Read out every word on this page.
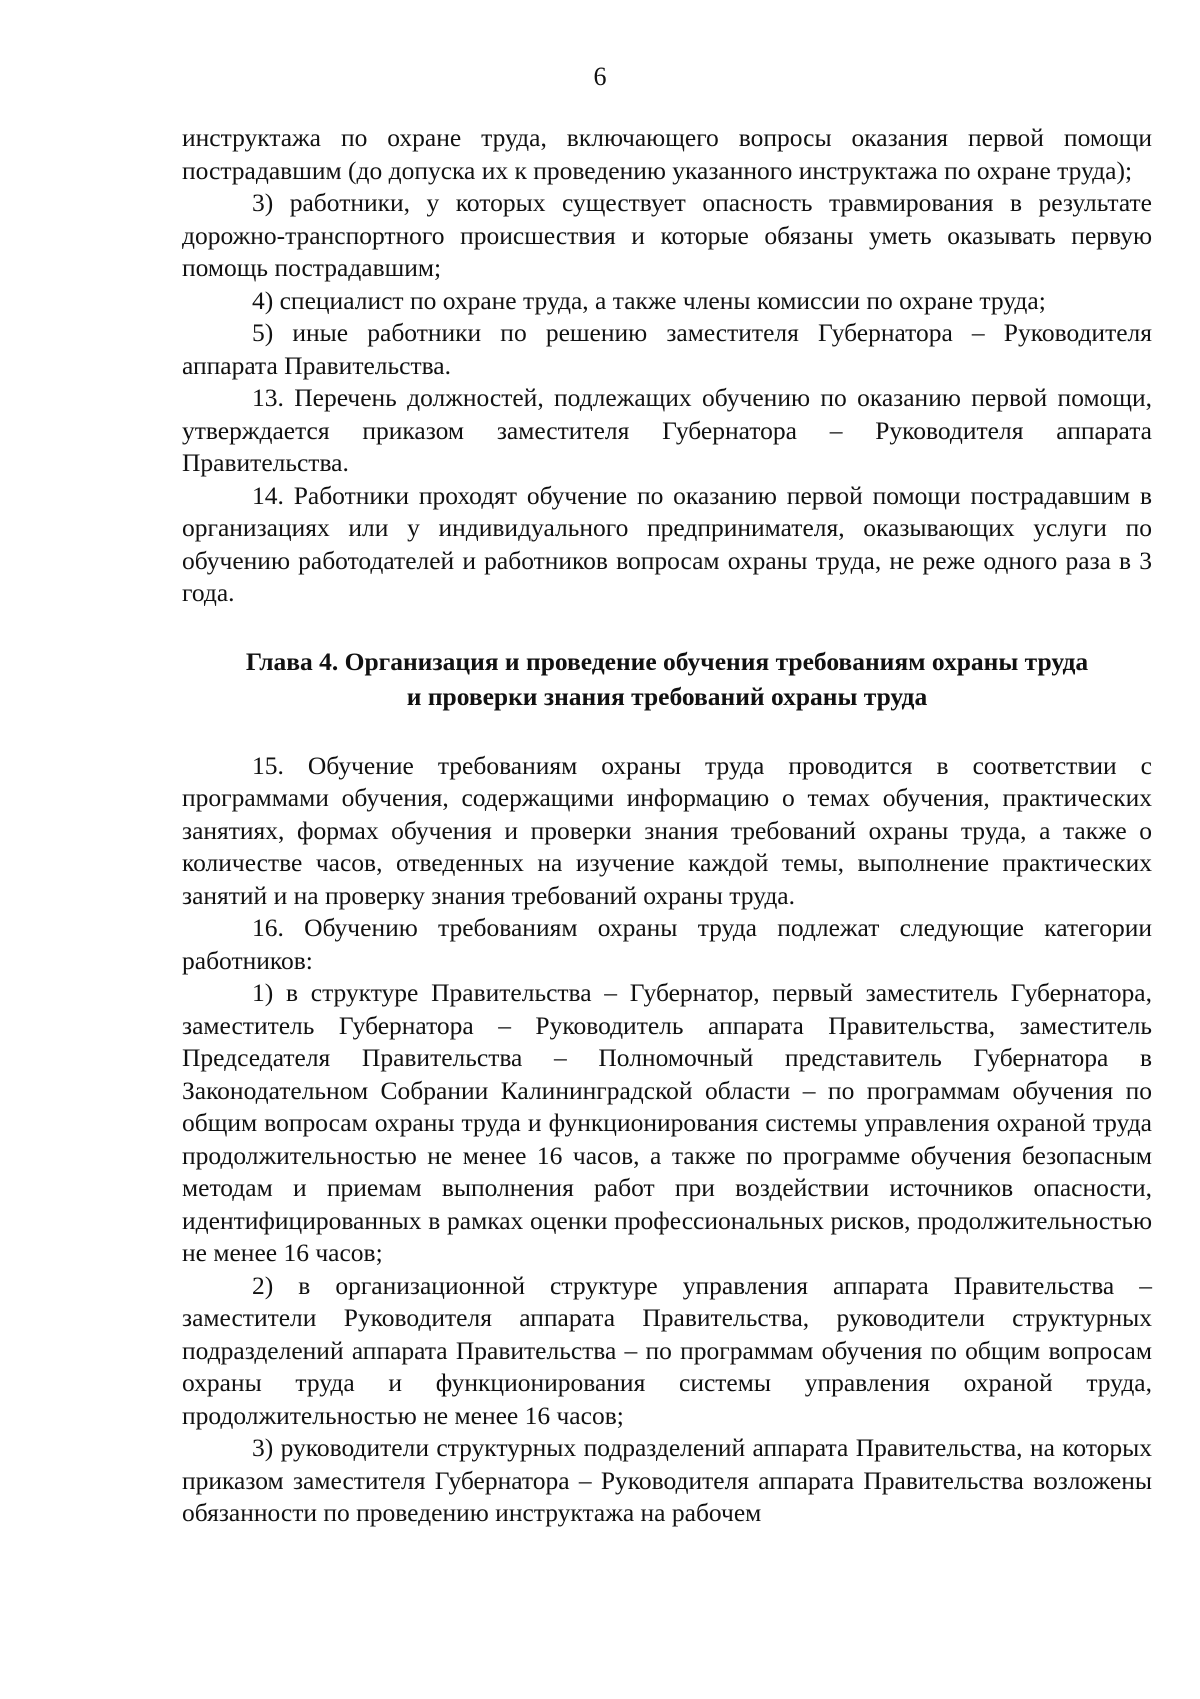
6

инструктажа по охране труда, включающего вопросы оказания первой помощи пострадавшим (до допуска их к проведению указанного инструктажа по охране труда);

3) работники, у которых существует опасность травмирования в результате дорожно-транспортного происшествия и которые обязаны уметь оказывать первую помощь пострадавшим;

4) специалист по охране труда, а также члены комиссии по охране труда;

5) иные работники по решению заместителя Губернатора – Руководителя аппарата Правительства.

13. Перечень должностей, подлежащих обучению по оказанию первой помощи, утверждается приказом заместителя Губернатора – Руководителя аппарата Правительства.

14. Работники проходят обучение по оказанию первой помощи пострадавшим в организациях или у индивидуального предпринимателя, оказывающих услуги по обучению работодателей и работников вопросам охраны труда, не реже одного раза в 3 года.

Глава 4. Организация и проведение обучения требованиям охраны труда
и проверки знания требований охраны труда

15. Обучение требованиям охраны труда проводится в соответствии с программами обучения, содержащими информацию о темах обучения, практических занятиях, формах обучения и проверки знания требований охраны труда, а также о количестве часов, отведенных на изучение каждой темы, выполнение практических занятий и на проверку знания требований охраны труда.

16. Обучению требованиям охраны труда подлежат следующие категории работников:

1) в структуре Правительства – Губернатор, первый заместитель Губернатора, заместитель Губернатора – Руководитель аппарата Правительства, заместитель Председателя Правительства – Полномочный представитель Губернатора в Законодательном Собрании Калининградской области – по программам обучения по общим вопросам охраны труда и функционирования системы управления охраной труда продолжительностью не менее 16 часов, а также по программе обучения безопасным методам и приемам выполнения работ при воздействии источников опасности, идентифицированных в рамках оценки профессиональных рисков, продолжительностью не менее 16 часов;

2) в организационной структуре управления аппарата Правительства – заместители Руководителя аппарата Правительства, руководители структурных подразделений аппарата Правительства – по программам обучения по общим вопросам охраны труда и функционирования системы управления охраной труда, продолжительностью не менее 16 часов;

3) руководители структурных подразделений аппарата Правительства, на которых приказом заместителя Губернатора – Руководителя аппарата Правительства возложены обязанности по проведению инструктажа на рабочем
